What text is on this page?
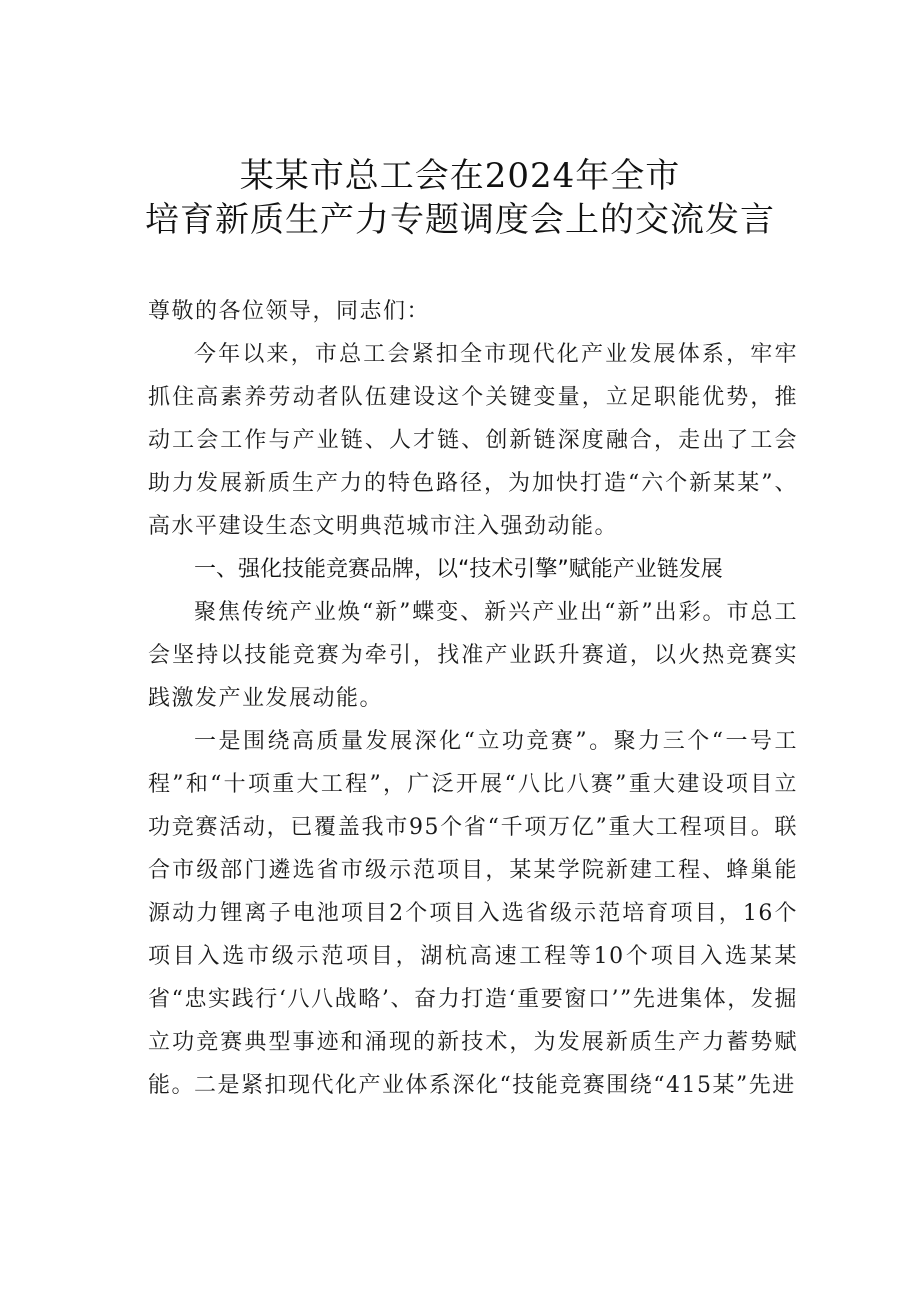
某某市总工会在2024年全市
培育新质生产力专题调度会上的交流发言
尊敬的各位领导，同志们：
今年以来，市总工会紧扣全市现代化产业发展体系，牢牢抓住高素养劳动者队伍建设这个关键变量，立足职能优势，推动工会工作与产业链、人才链、创新链深度融合，走出了工会助力发展新质生产力的特色路径，为加快打造“六个新某某”、高水平建设生态文明典范城市注入强劲动能。
一、强化技能竞赛品牌，以“技术引擎”赋能产业链发展
聚焦传统产业焕“新”蝶变、新兴产业出“新”出彩。市总工会坚持以技能竞赛为牵引，找准产业跃升赛道，以火热竞赛实践激发产业发展动能。
一是围绕高质量发展深化“立功竞赛”。聚力三个“一号工程”和“十项重大工程”，广泛开展“八比八赛”重大建设项目立功竞赛活动，已覆盖我市95个省“千项万亿”重大工程项目。联合市级部门遴选省市级示范项目，某某学院新建工程、蜂巢能源动力锂离子电池项目2个项目入选省级示范培育项目，16个项目入选市级示范项目，湖杭高速工程等10个项目入选某某省“忠实践行‘八八战略’、奋力打造‘重要窗口’”先进集体，发掘立功竞赛典型事迹和涌现的新技术，为发展新质生产力蓄势赋能。
二是紧扣现代化产业体系深化“技能竞赛围绕“415某”先进
